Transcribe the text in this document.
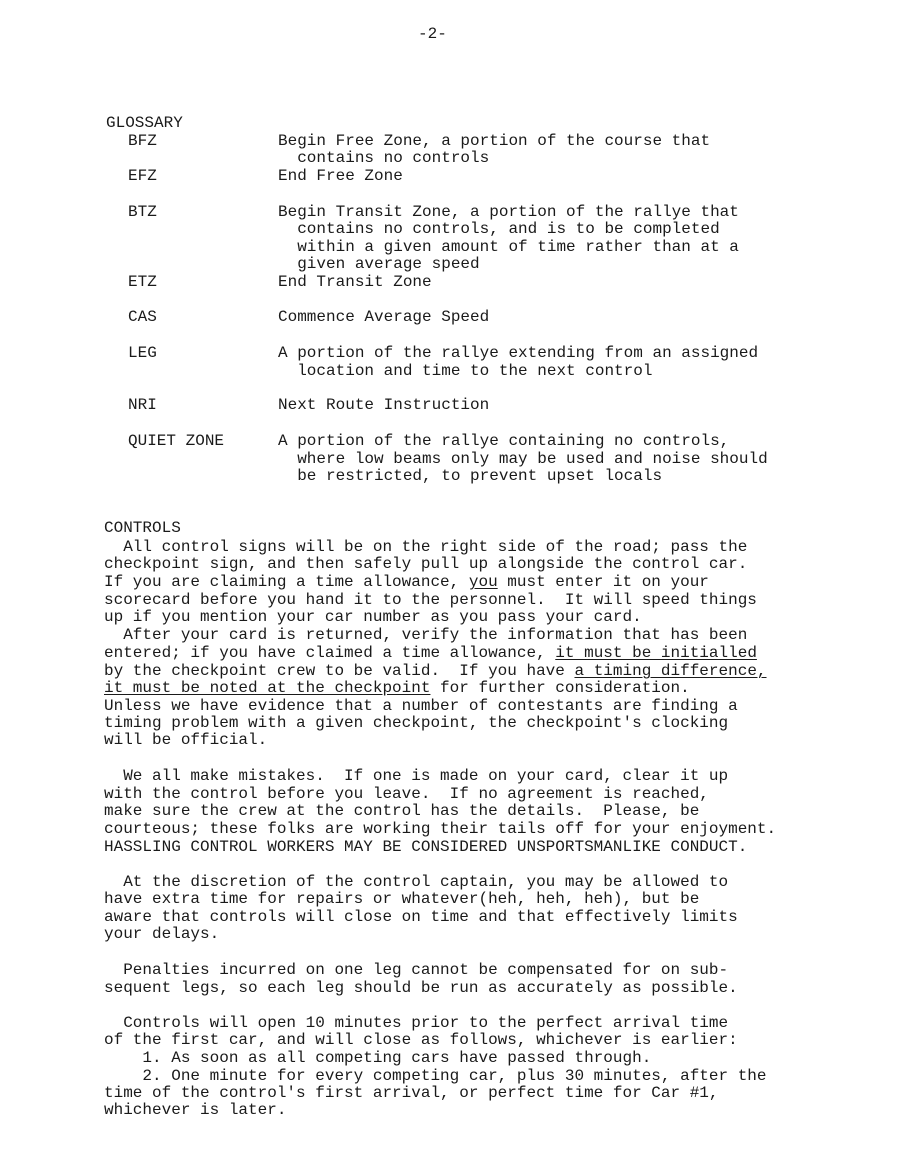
-2-
GLOSSARY
BFZ	Begin Free Zone, a portion of the course that
contains no controls
EFZ	End Free Zone
BTZ	Begin Transit Zone, a portion of the rallye that
contains no controls, and is to be completed
within a given amount of time rather than at a
given average speed
ETZ	End Transit Zone
CAS	Commence Average Speed
LEG	A portion of the rallye extending from an assigned
location and time to the next control
NRI	Next Route Instruction
QUIET ZONE	A portion of the rallye containing no controls,
where low beams only may be used and noise should
be restricted, to prevent upset locals
CONTROLS
All control signs will be on the right side of the road; pass the
checkpoint sign, and then safely pull up alongside the control car.
If you are claiming a time allowance, you must enter it on your
scorecard before you hand it to the personnel.  It will speed things
up if you mention your car number as you pass your card.
After your card is returned, verify the information that has been
entered; if you have claimed a time allowance, it must be initialled
by the checkpoint crew to be valid.  If you have a timing difference,
it must be noted at the checkpoint for further consideration.
Unless we have evidence that a number of contestants are finding a
timing problem with a given checkpoint, the checkpoint's clocking
will be official.
We all make mistakes.  If one is made on your card, clear it up
with the control before you leave.  If no agreement is reached,
make sure the crew at the control has the details.  Please, be
courteous; these folks are working their tails off for your enjoyment.
HASSLING CONTROL WORKERS MAY BE CONSIDERED UNSPORTSMANLIKE CONDUCT.
At the discretion of the control captain, you may be allowed to
have extra time for repairs or whatever(heh, heh, heh), but be
aware that controls will close on time and that effectively limits
your delays.
Penalties incurred on one leg cannot be compensated for on sub-
sequent legs, so each leg should be run as accurately as possible.
Controls will open 10 minutes prior to the perfect arrival time
of the first car, and will close as follows, whichever is earlier:
1. As soon as all competing cars have passed through.
2. One minute for every competing car, plus 30 minutes, after the
time of the control's first arrival, or perfect time for Car #1,
whichever is later.
